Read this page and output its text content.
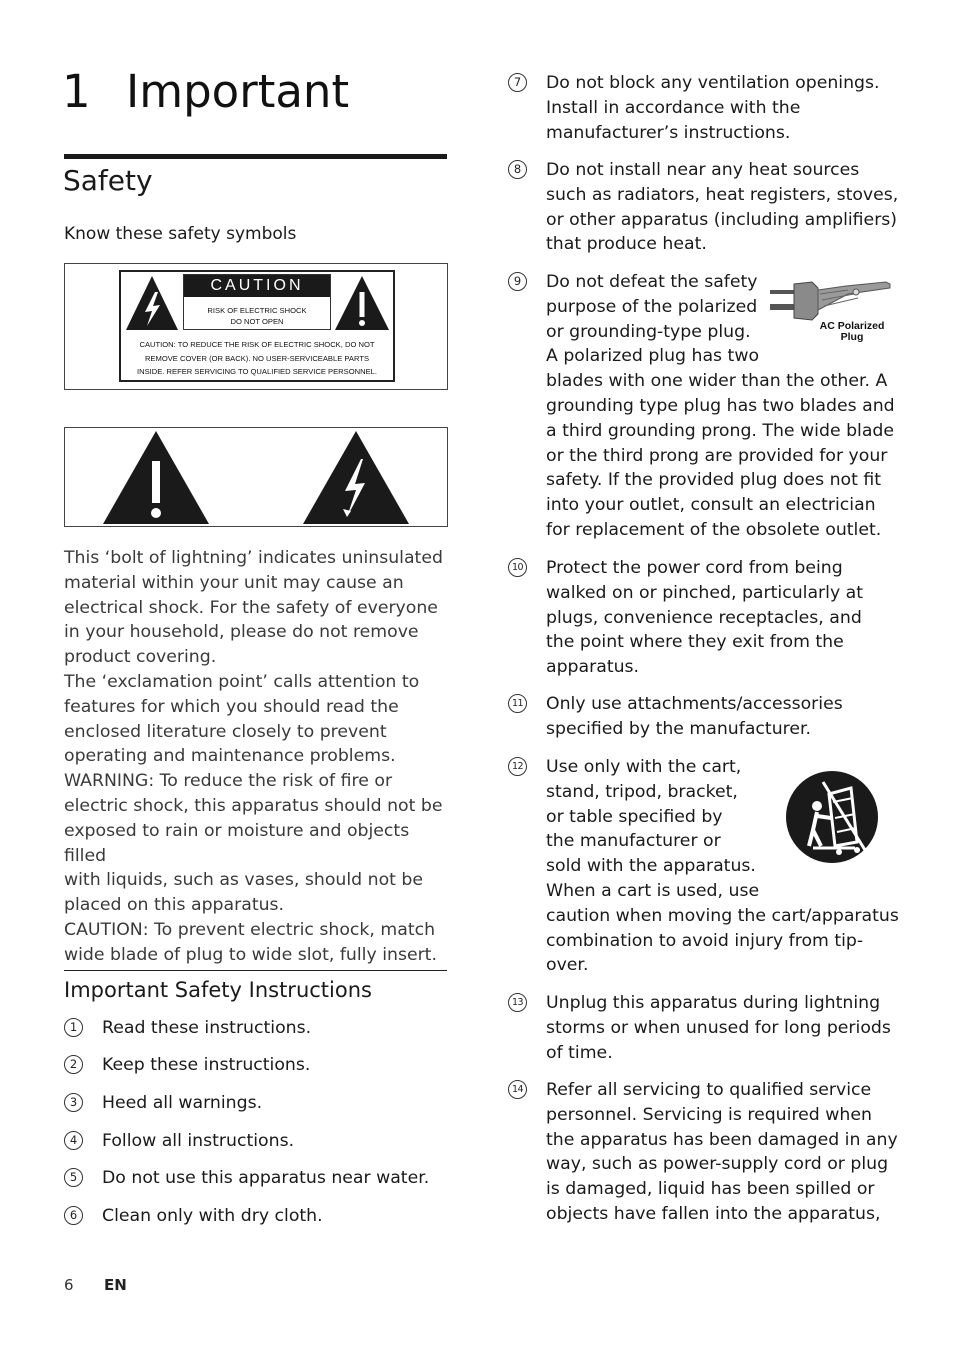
1 Important
Safety
Know these safety symbols
CAUTION
RISK OF ELECTRIC SHOCK
DO NOT OPEN
CAUTION: TO REDUCE THE RISK OF ELECTRIC SHOCK, DO NOT
REMOVE COVER (OR BACK). NO USER-SERVICEABLE PARTS
INSIDE. REFER SERVICING TO QUALIFIED SERVICE PERSONNEL.

This ‘bolt of lightning’ indicates uninsulated

material within your unit may cause an

electrical shock. For the safety of everyone

in your household, please do not remove

product covering.

The ‘exclamation point’ calls attention to

features for which you should read the

enclosed literature closely to prevent

operating and maintenance problems.

WARNING: To reduce the risk of fire or

electric shock, this apparatus should not be

exposed to rain or moisture and objects filled

with liquids, such as vases, should not be

placed on this apparatus.

CAUTION: To prevent electric shock, match

wide blade of plug to wide slot, fully insert.

Important Safety Instructions
1	Read these instructions.
2	Keep these instructions.
3	Heed all warnings.
4	Follow all instructions.
5	Do not use this apparatus near water.
6	Clean only with dry cloth.
7	Do not block any ventilation openings.
Install in accordance with the
manufacturer’s instructions.
8	Do not install near any heat sources
such as radiators, heat registers, stoves,
or other apparatus (including amplifiers)
that produce heat.
9	Do not defeat the safety
purpose of the polarized
or grounding-type plug.
A polarized plug has two
blades with one wider than the other. A
grounding type plug has two blades and
a third grounding prong. The wide blade
or the third prong are provided for your
safety. If the provided plug does not fit
into your outlet, consult an electrician
for replacement of the obsolete outlet.
10 Protect the power cord from being
walked on or pinched, particularly at
plugs, convenience receptacles, and
the point where they exit from the
apparatus.
11 Only use attachments/accessories
specified by the manufacturer.
12 Use only with the cart,
stand, tripod, bracket,
or table specified by
the manufacturer or
sold with the apparatus.
When a cart is used, use
caution when moving the cart/apparatus
combination to avoid injury from tip-
over.
13 Unplug this apparatus during lightning
storms or when unused for long periods
of time.
14 Refer all servicing to qualified service
personnel. Servicing is required when
the apparatus has been damaged in any
way, such as power-supply cord or plug
is damaged, liquid has been spilled or
objects have fallen into the apparatus,
AC Polarized
Plug
6 EN
